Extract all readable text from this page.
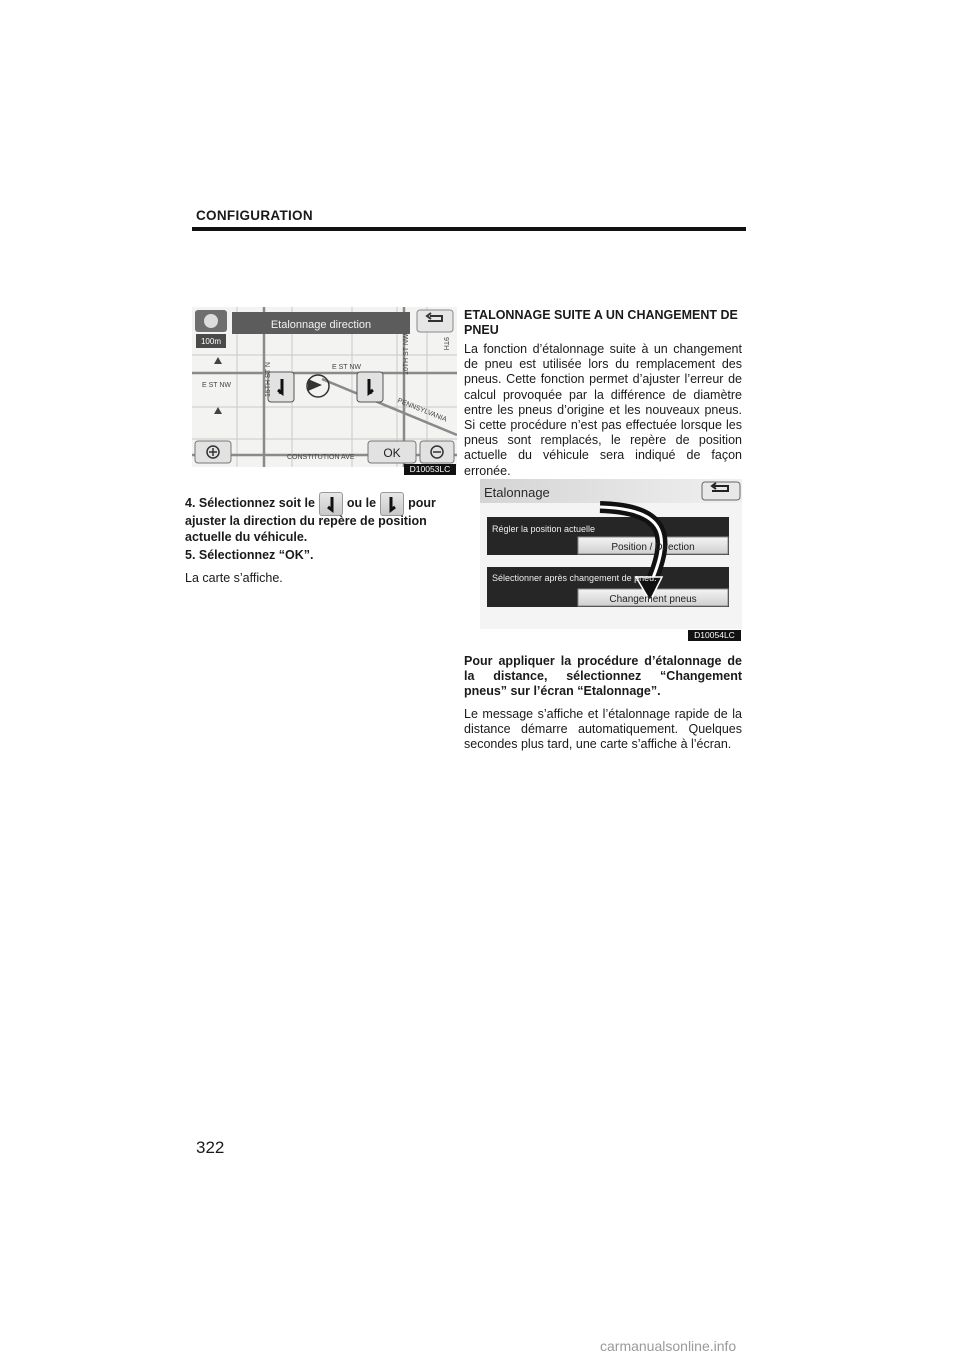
CONFIGURATION
Etalonnage direction
100m
15TH ST N
E ST NW
E ST NW	10TH ST NW	9TH
PENNSYLVANIA
CONSTITUTION AVE OK
D10053LC
4. Sélectionnez soit le	ou le	pour
ajuster la direction du repère de position actuelle du véhicule.
5. Sélectionnez “OK”.
La carte s’affiche.
ETALONNAGE SUITE A UN CHANGEMENT DE PNEU
La fonction d’étalonnage suite à un changement de pneu est utilisée lors du remplacement des pneus. Cette fonction permet d’ajuster l’erreur de calcul provoquée par la différence de diamètre entre les pneus d’origine et les nouveaux pneus. Si cette procédure n’est pas effectuée lorsque les pneus sont remplacés, le repère de position actuelle du véhicule sera indiqué de façon erronée.
Etalonnage
Régler la position actuelle
Position / Direction
Sélectionner après changement de pneu.
Changement pneus
D10054LC
Pour appliquer la procédure d’étalonnage de la distance, sélectionnez “Changement pneus” sur l’écran “Etalonnage”.
Le message s’affiche et l’étalonnage rapide de la distance démarre automatiquement. Quelques secondes plus tard, une carte s’affiche à l’écran.
322
carmanualsonline.info
